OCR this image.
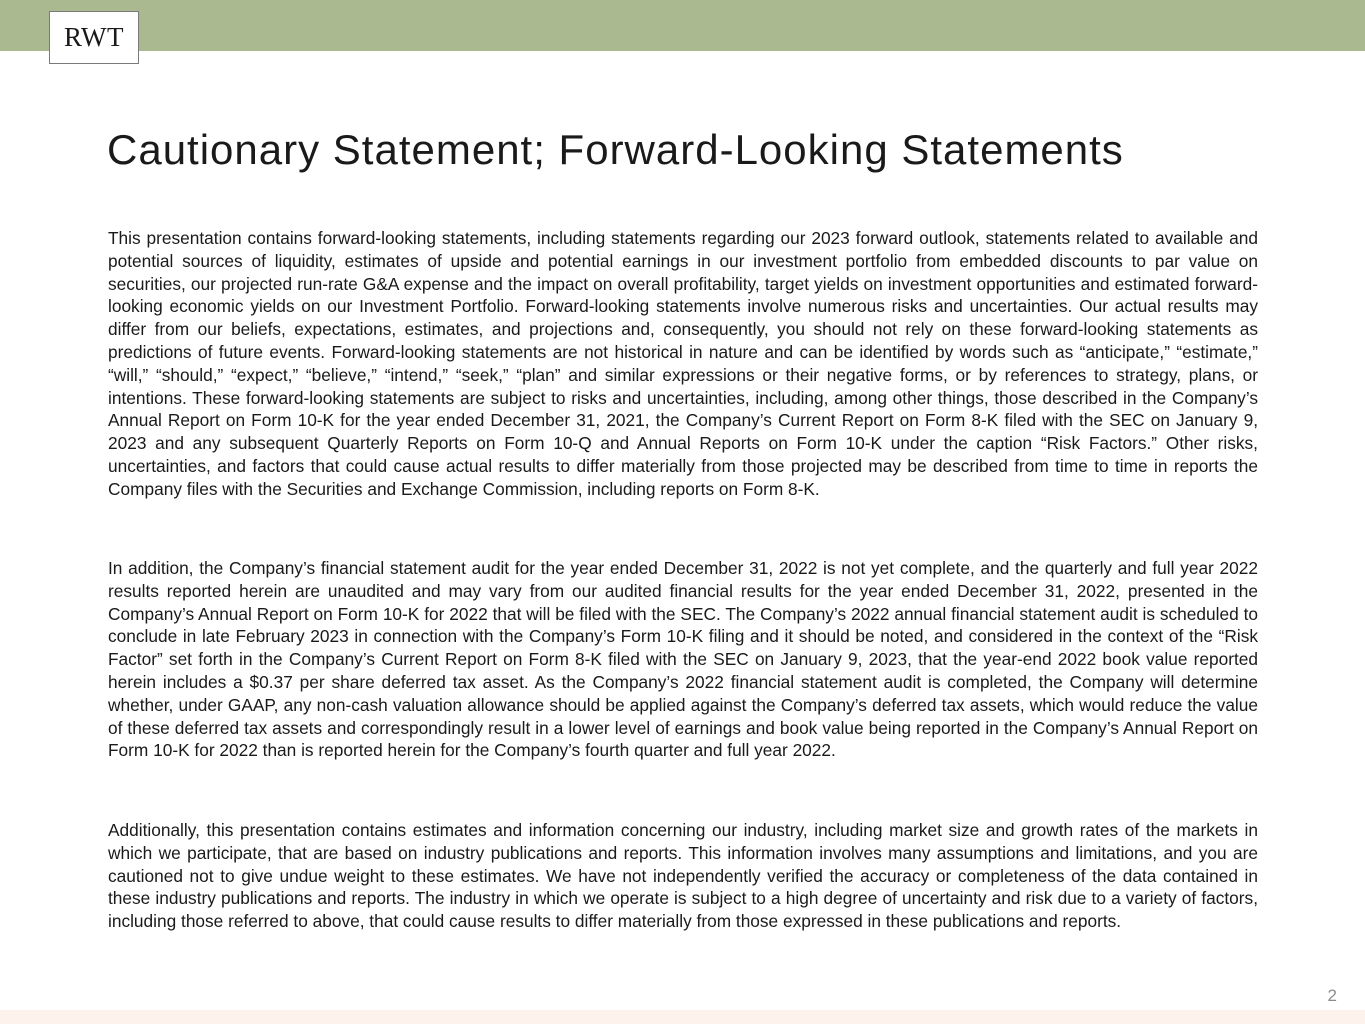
RWT
Cautionary Statement; Forward-Looking Statements

This presentation contains forward-looking statements, including statements regarding our 2023 forward outlook, statements related to available and potential sources of liquidity, estimates of upside and potential earnings in our investment portfolio from embedded discounts to par value on securities, our projected run-rate G&A expense and the impact on overall profitability, target yields on investment opportunities and estimated forward-looking economic yields on our Investment Portfolio. Forward-looking statements involve numerous risks and uncertainties. Our actual results may differ from our beliefs, expectations, estimates, and projections and, consequently, you should not rely on these forward-looking statements as predictions of future events. Forward-looking statements are not historical in nature and can be identified by words such as “anticipate,” “estimate,” “will,” “should,” “expect,” “believe,” “intend,” “seek,” “plan” and similar expressions or their negative forms, or by references to strategy, plans, or intentions. These forward-looking statements are subject to risks and uncertainties, including, among other things, those described in the Company’s Annual Report on Form 10-K for the year ended December 31, 2021, the Company’s Current Report on Form 8-K filed with the SEC on January 9, 2023 and any subsequent Quarterly Reports on Form 10-Q and Annual Reports on Form 10-K under the caption “Risk Factors.” Other risks, uncertainties, and factors that could cause actual results to differ materially from those projected may be described from time to time in reports the Company files with the Securities and Exchange Commission, including reports on Form 8-K.

In addition, the Company’s financial statement audit for the year ended December 31, 2022 is not yet complete, and the quarterly and full year 2022 results reported herein are unaudited and may vary from our audited financial results for the year ended December 31, 2022, presented in the Company’s Annual Report on Form 10-K for 2022 that will be filed with the SEC. The Company’s 2022 annual financial statement audit is scheduled to conclude in late February 2023 in connection with the Company’s Form 10-K filing and it should be noted, and considered in the context of the “Risk Factor” set forth in the Company’s Current Report on Form 8-K filed with the SEC on January 9, 2023, that the year-end 2022 book value reported herein includes a $0.37 per share deferred tax asset. As the Company’s 2022 financial statement audit is completed, the Company will determine whether, under GAAP, any non-cash valuation allowance should be applied against the Company’s deferred tax assets, which would reduce the value of these deferred tax assets and correspondingly result in a lower level of earnings and book value being reported in the Company’s Annual Report on Form 10-K for 2022 than is reported herein for the Company’s fourth quarter and full year 2022.

Additionally, this presentation contains estimates and information concerning our industry, including market size and growth rates of the markets in which we participate, that are based on industry publications and reports. This information involves many assumptions and limitations, and you are cautioned not to give undue weight to these estimates. We have not independently verified the accuracy or completeness of the data contained in these industry publications and reports. The industry in which we operate is subject to a high degree of uncertainty and risk due to a variety of factors, including those referred to above, that could cause results to differ materially from those expressed in these publications and reports.

2
